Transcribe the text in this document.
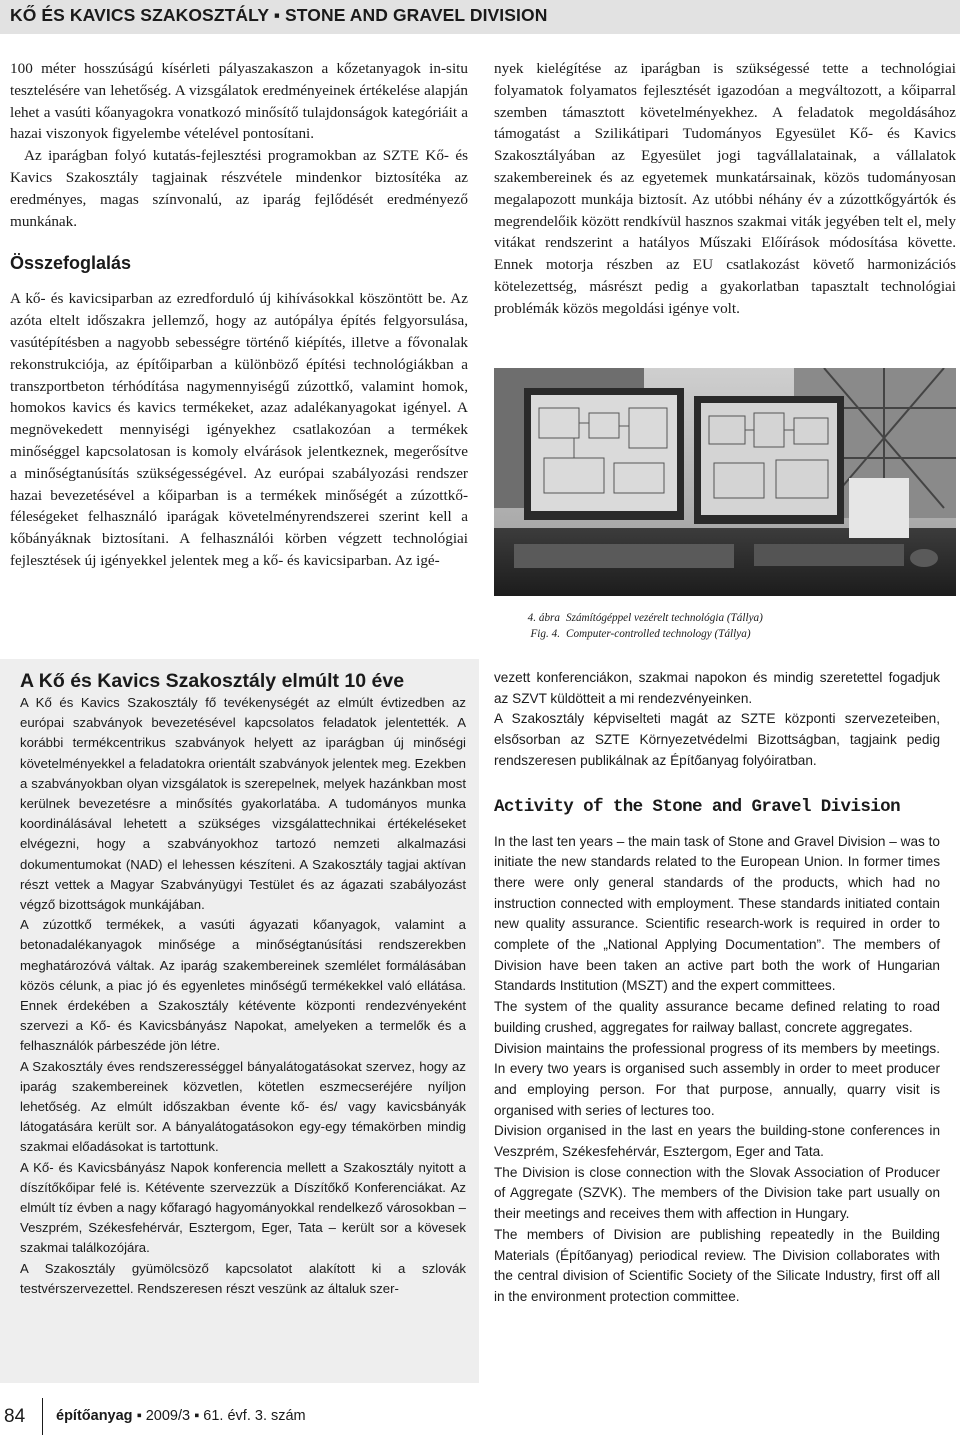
KŐ ÉS KAVICS SZAKOSZTÁLY ▪ STONE AND GRAVEL DIVISION

100 méter hosszúságú kísérleti pályaszakaszon a kőzetanyagok in-situ tesztelésére van lehetőség. A vizsgálatok eredményeinek értékelése alapján lehet a vasúti kőanyagokra vonatkozó minősítő tulajdonságok kategóriáit a hazai viszonyok figyelembe vételével pontosítani.

Az iparágban folyó kutatás-fejlesztési programokban az SZTE Kő- és Kavics Szakosztály tagjainak részvétele mindenkor biztosítéka az eredményes, magas színvonalú, az iparág fejlődését eredményező munkának.

Összefoglalás

A kő- és kavicsiparban az ezredforduló új kihívásokkal köszöntött be. Az azóta eltelt időszakra jellemző, hogy az autópálya építés felgyorsulása, vasútépítésben a nagyobb sebességre történő kiépítés, illetve a fővonalak rekonstrukciója, az építőiparban a különböző építési technológiákban a transzportbeton térhódítása nagymennyiségű zúzottkő, valamint homok, homokos kavics és kavics termékeket, azaz adalékanyagokat igényel. A megnövekedett mennyiségi igényekhez csatlakozóan a termékek minőséggel kapcsolatosan is komoly elvárások jelentkeznek, megerősítve a minőségtanúsítás szükségességével. Az európai szabályozási rendszer hazai bevezetésével a kőiparban is a termékek minőségét a zúzottkő-féleségeket felhasználó iparágak követelményrendszerei szerint kell a kőbányáknak biztosítani. A felhasználói körben végzett technológiai fejlesztések új igényekkel jelentek meg a kő- és kavicsiparban. Az igé-

nyek kielégítése az iparágban is szükségessé tette a technológiai folyamatok folyamatos fejlesztését igazodóan a megváltozott, a kőiparral szemben támasztott követelményekhez. A feladatok megoldásához támogatást a Szilikátipari Tudományos Egyesület Kő- és Kavics Szakosztályában az Egyesület jogi tagvállalatainak, a vállalatok szakembereinek és az egyetemek munkatársainak, közös tudományosan megalapozott munkája biztosít. Az utóbbi néhány év a zúzottkőgyártók és megrendelőik között rendkívül hasznos szakmai viták jegyében telt el, mely vitákat rendszerint a hatályos Műszaki Előírások módosítása követte. Ennek motorja részben az EU csatlakozást követő harmonizációs kötelezettség, másrészt pedig a gyakorlatban tapasztalt technológiai problémák közös megoldási igénye volt.

4. ábra Számítógéppel vezérelt technológia (Tállya)
Fig. 4. Computer-controlled technology (Tállya)

A Kő és Kavics Szakosztály elmúlt 10 éve

A Kő és Kavics Szakosztály fő tevékenységét az elmúlt évtizedben az európai szabványok bevezetésével kapcsolatos feladatok jelentették. A korábbi termékcentrikus szabványok helyett az iparágban új minőségi követelményekkel a feladatokra orientált szabványok jelentek meg. Ezekben a szabványokban olyan vizsgálatok is szerepelnek, melyek hazánkban most kerülnek bevezetésre a minősítés gyakorlatába. A tudományos munka koordinálásával lehetett a szükséges vizsgálattechnikai értékeléseket elvégezni, hogy a szabványokhoz tartozó nemzeti alkalmazási dokumentumokat (NAD) el lehessen készíteni. A Szakosztály tagjai aktívan részt vettek a Magyar Szabványügyi Testület és az ágazati szabályozást végző bizottságok munkájában.

A zúzottkő termékek, a vasúti ágyazati kőanyagok, valamint a betonadalékanyagok minősége a minőségtanúsítási rendszerekben meghatározóvá váltak. Az iparág szakembereinek szemlélet formálásában közös célunk, a piac jó és egyenletes minőségű termékekkel való ellátása. Ennek érdekében a Szakosztály kétévente központi rendezvényeként szervezi a Kő- és Kavicsbányász Napokat, amelyeken a termelők és a felhasználók párbeszéde jön létre.

A Szakosztály éves rendszerességgel bányalátogatásokat szervez, hogy az iparág szakembereinek közvetlen, kötetlen eszmecseréjére nyíljon lehetőség. Az elmúlt időszakban évente kő- és/ vagy kavicsbányák látogatására került sor. A bányalátogatásokon egy-egy témakörben mindig szakmai előadásokat is tartottunk.

A Kő- és Kavicsbányász Napok konferencia mellett a Szakosztály nyitott a díszítőkőipar felé is. Kétévente szervezzük a Díszítőkő Konferenciákat. Az elmúlt tíz évben a nagy kőfaragó hagyományokkal rendelkező városokban – Veszprém, Székesfehérvár, Esztergom, Eger, Tata – került sor a kövesek szakmai találkozójára.

A Szakosztály gyümölcsöző kapcsolatot alakított ki a szlovák testvérszervezettel. Rendszeresen részt veszünk az általuk szer-

vezett konferenciákon, szakmai napokon és mindig szeretettel fogadjuk az SZVT küldötteit a mi rendezvényeinken.

A Szakosztály képviselteti magát az SZTE központi szervezeteiben, elsősorban az SZTE Környezetvédelmi Bizottságban, tagjaink pedig rendszeresen publikálnak az Építőanyag folyóiratban.

Activity of the Stone and Gravel Division

In the last ten years – the main task of Stone and Gravel Division – was to initiate the new standards related to the European Union. In former times there were only general standards of the products, which had no instruction connected with employment. These standards initiated contain new quality assurance. Scientific research-work is required in order to complete of the „National Applying Documentation”. The members of Division have been taken an active part both the work of Hungarian Standards Institution (MSZT) and the expert committees.

The system of the quality assurance became defined relating to road building crushed, aggregates for railway ballast, concrete aggregates.

Division maintains the professional progress of its members by meetings. In every two years is organised such assembly in order to meet producer and employing person. For that purpose, annually, quarry visit is organised with series of lectures too.

Division organised in the last en years the building-stone conferences in Veszprém, Székesfehérvár, Esztergom, Eger and Tata.

The Division is close connection with the Slovak Association of Producer of Aggregate (SZVK). The members of the Division take part usually on their meetings and receives them with affection in Hungary.

The members of Division are publishing repeatedly in the Building Materials (Építőanyag) periodical review. The Division collaborates with the central division of Scientific Society of the Silicate Industry, first off all in the environment protection committee.

84 építőanyag ▪ 2009/3 ▪ 61. évf. 3. szám
